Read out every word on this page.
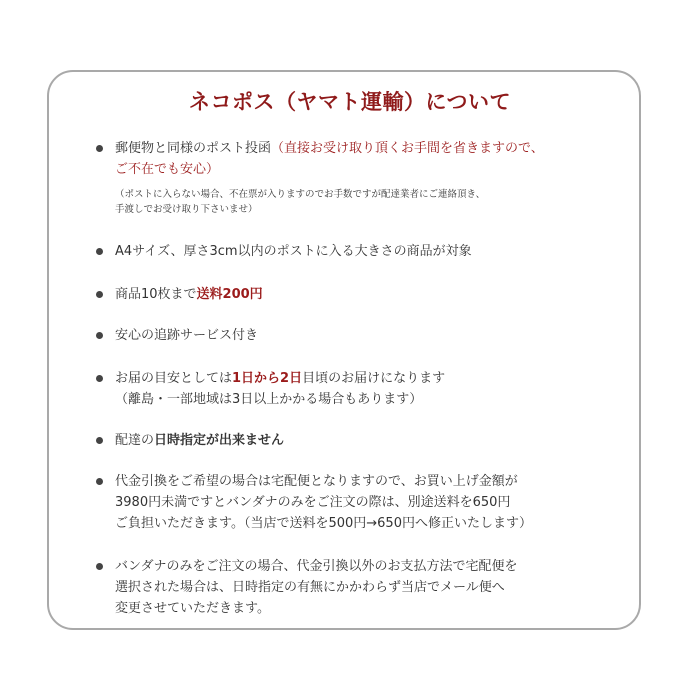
ネコポス（ヤマト運輸）について
郵便物と同様のポスト投函（直接お受け取り頂くお手間を省きますので、
ご不在でも安心）
（ポストに入らない場合、不在票が入りますのでお手数ですが配達業者にご連絡頂き、
手渡しでお受け取り下さいませ）
A4サイズ、厚さ3cm以内のポストに入る大きさの商品が対象
商品10枚まで送料200円
安心の追跡サービス付き
お届の目安としては1日から2日目頃のお届けになります
（離島・一部地域は3日以上かかる場合もあります）
配達の日時指定が出来ません
代金引換をご希望の場合は宅配便となりますので、お買い上げ金額が
3980円未満ですとバンダナのみをご注文の際は、別途送料を650円
ご負担いただきます。（当店で送料を500円→650円へ修正いたします）
バンダナのみをご注文の場合、代金引換以外のお支払方法で宅配便を
選択された場合は、日時指定の有無にかかわらず当店でメール便へ
変更させていただきます。
